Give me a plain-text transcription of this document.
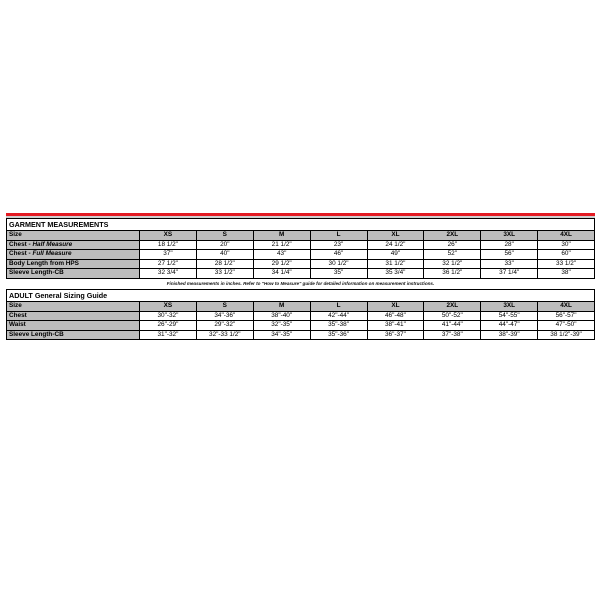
GARMENT MEASUREMENTS								
Size	XS	S	M	L	XL	2XL	3XL	4XL
Chest - Half Measure	18 1/2"	20"	21 1/2"	23"	24 1/2"	26"	28"	30"
Chest - Full Measure	37"	40"	43"	46"	49"	52"	56"	60"
Body Length from HPS	27 1/2"	28 1/2"	29 1/2"	30 1/2"	31 1/2"	32 1/2"	33"	33 1/2"
Sleeve Length-CB	32 3/4"	33 1/2"	34 1/4"	35"	35 3/4"	36 1/2"	37 1/4"	38"
Finished measurements in inches. Refer to "How to Measure" guide for detailed information on measurement instructions.
ADULT General Sizing Guide								
Size	XS	S	M	L	XL	2XL	3XL	4XL
Chest	30"-32"	34"-36"	38"-40"	42"-44"	46"-48"	50"-52"	54"-55"	56"-57"
Waist	26"-29"	29"-32"	32"-35"	35"-38"	38"-41"	41"-44"	44"-47"	47"-50"
Sleeve Length-CB	31"-32"	32"-33 1/2"	34"-35"	35"-36"	36"-37"	37"-38"	38"-39"	38 1/2"-39"
